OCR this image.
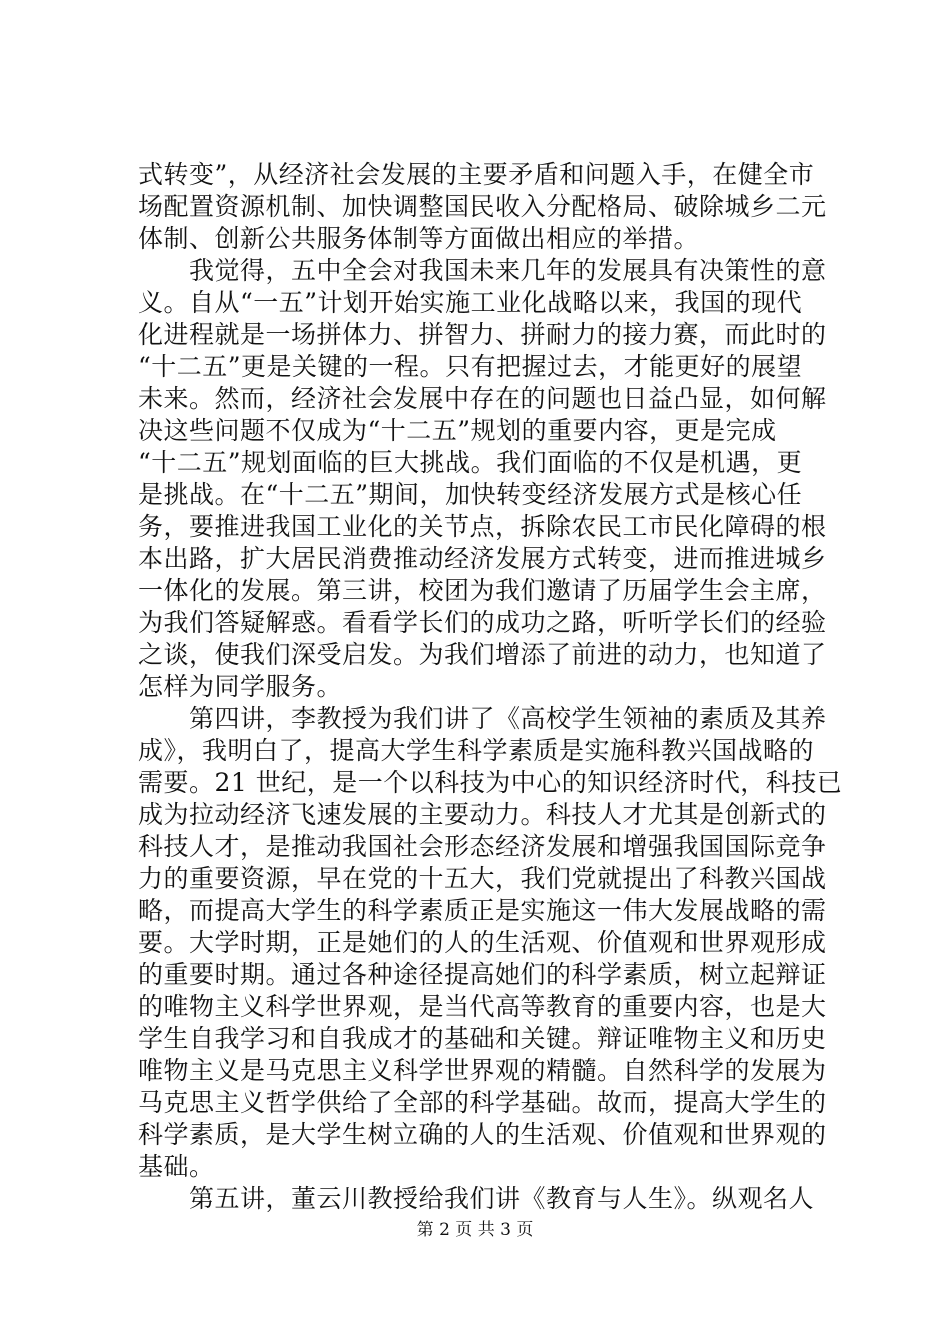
式转变”，从经济社会发展的主要矛盾和问题入手，在健全市

场配置资源机制、加快调整国民收入分配格局、破除城乡二元

体制、创新公共服务体制等方面做出相应的举措。

　　我觉得，五中全会对我国未来几年的发展具有决策性的意

义。自从“一五”计划开始实施工业化战略以来，我国的现代

化进程就是一场拼体力、拼智力、拼耐力的接力赛，而此时的

“十二五”更是关键的一程。只有把握过去，才能更好的展望

未来。然而，经济社会发展中存在的问题也日益凸显，如何解

决这些问题不仅成为“十二五”规划的重要内容，更是完成

“十二五”规划面临的巨大挑战。我们面临的不仅是机遇，更

是挑战。在“十二五”期间，加快转变经济发展方式是核心任

务，要推进我国工业化的关节点，拆除农民工市民化障碍的根

本出路，扩大居民消费推动经济发展方式转变，进而推进城乡

一体化的发展。第三讲，校团为我们邀请了历届学生会主席，

为我们答疑解惑。看看学长们的成功之路，听听学长们的经验

之谈，使我们深受启发。为我们增添了前进的动力，也知道了

怎样为同学服务。

　　第四讲，李教授为我们讲了《高校学生领袖的素质及其养

成》，我明白了，提高大学生科学素质是实施科教兴国战略的

需要。21 世纪，是一个以科技为中心的知识经济时代，科技已

成为拉动经济飞速发展的主要动力。科技人才尤其是创新式的

科技人才，是推动我国社会形态经济发展和增强我国国际竞争

力的重要资源，早在党的十五大，我们党就提出了科教兴国战

略，而提高大学生的科学素质正是实施这一伟大发展战略的需

要。大学时期，正是她们的人的生活观、价值观和世界观形成

的重要时期。通过各种途径提高她们的科学素质，树立起辩证

的唯物主义科学世界观，是当代高等教育的重要内容，也是大

学生自我学习和自我成才的基础和关键。辩证唯物主义和历史

唯物主义是马克思主义科学世界观的精髓。自然科学的发展为

马克思主义哲学供给了全部的科学基础。故而，提高大学生的

科学素质，是大学生树立确的人的生活观、价值观和世界观的

基础。

　　第五讲，董云川教授给我们讲《教育与人生》。纵观名人

第 2 页 共 3 页
